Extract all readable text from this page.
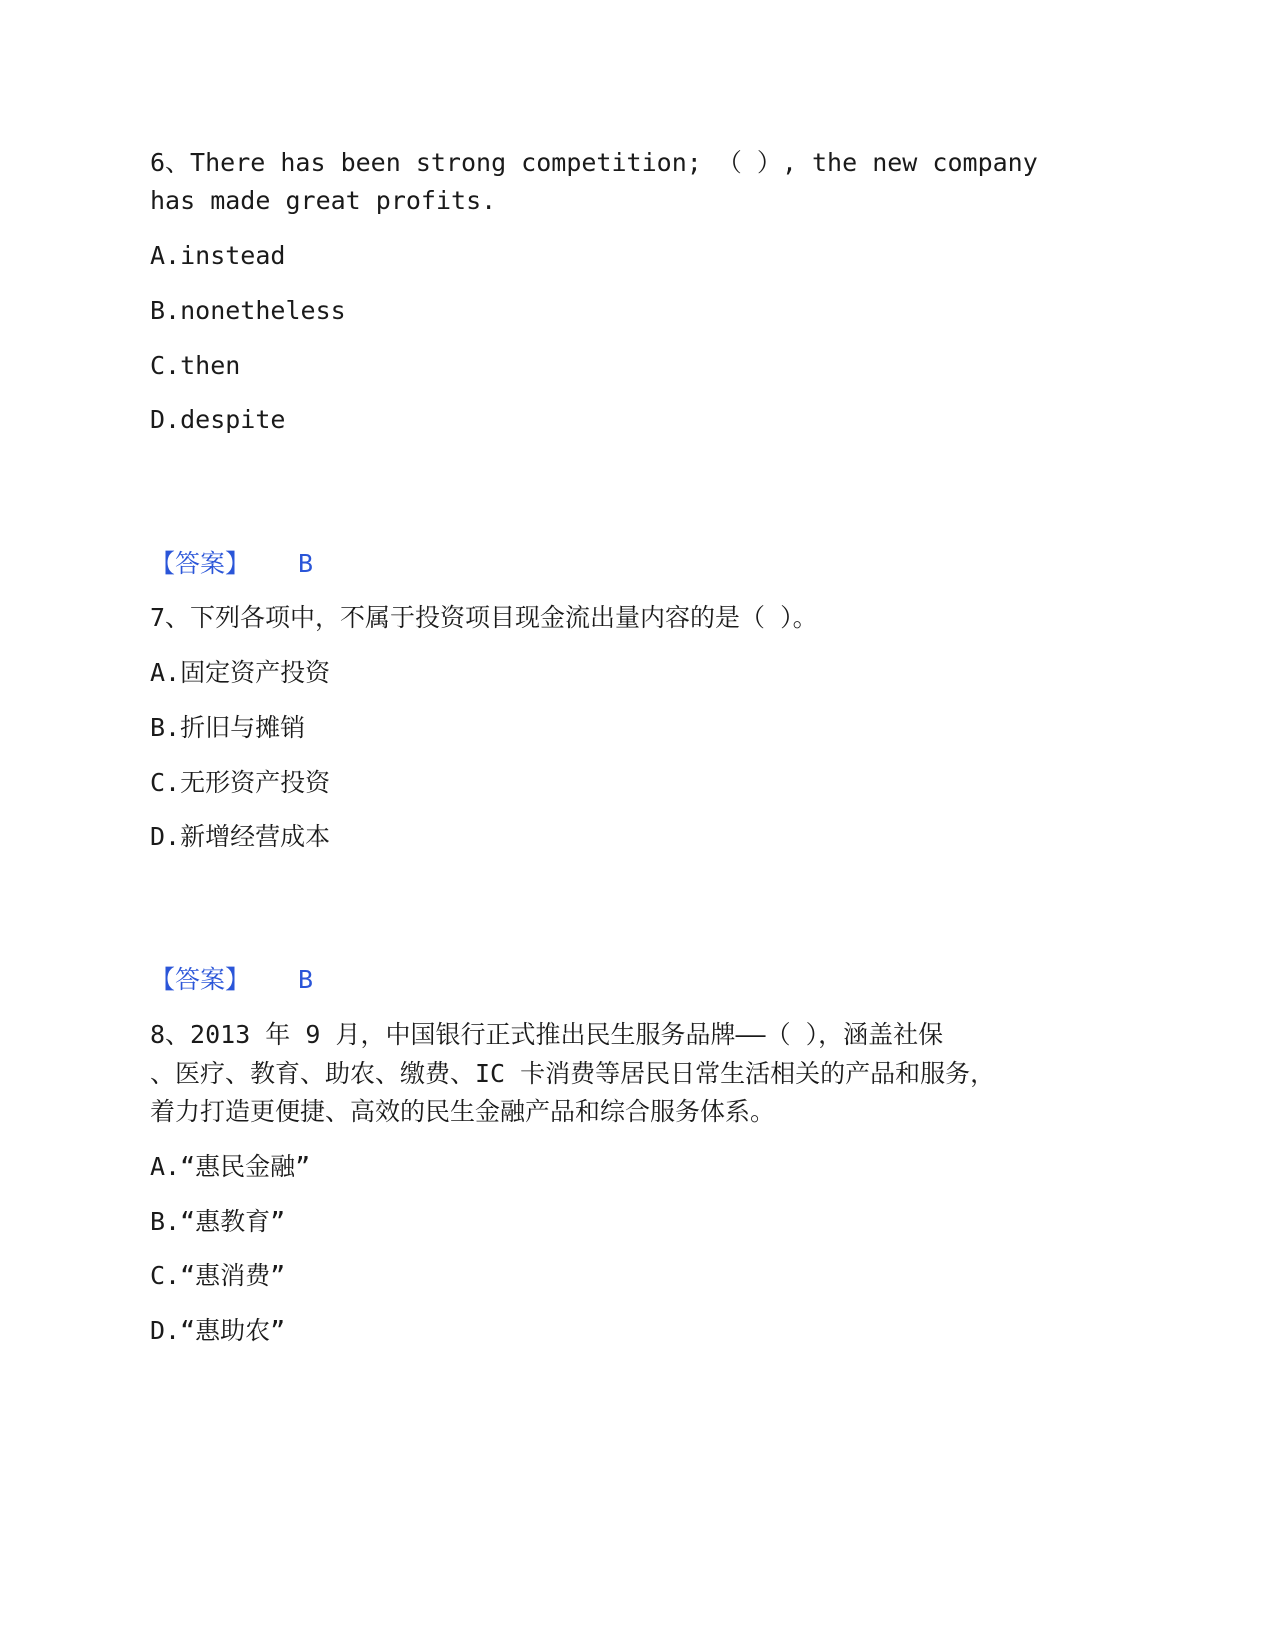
6、There has been strong competition; （ ）, the new company
has made great profits.
A.instead
B.nonetheless
C.then
D.despite
【答案】 B
7、下列各项中，不属于投资项目现金流出量内容的是（ ）。
A.固定资产投资
B.折旧与摊销
C.无形资产投资
D.新增经营成本
【答案】 B
8、2013 年 9 月，中国银行正式推出民生服务品牌——（ ），涵盖社保
、医疗、教育、助农、缴费、IC 卡消费等居民日常生活相关的产品和服务，
着力打造更便捷、高效的民生金融产品和综合服务体系。
A.“惠民金融”
B.“惠教育”
C.“惠消费”
D.“惠助农”
